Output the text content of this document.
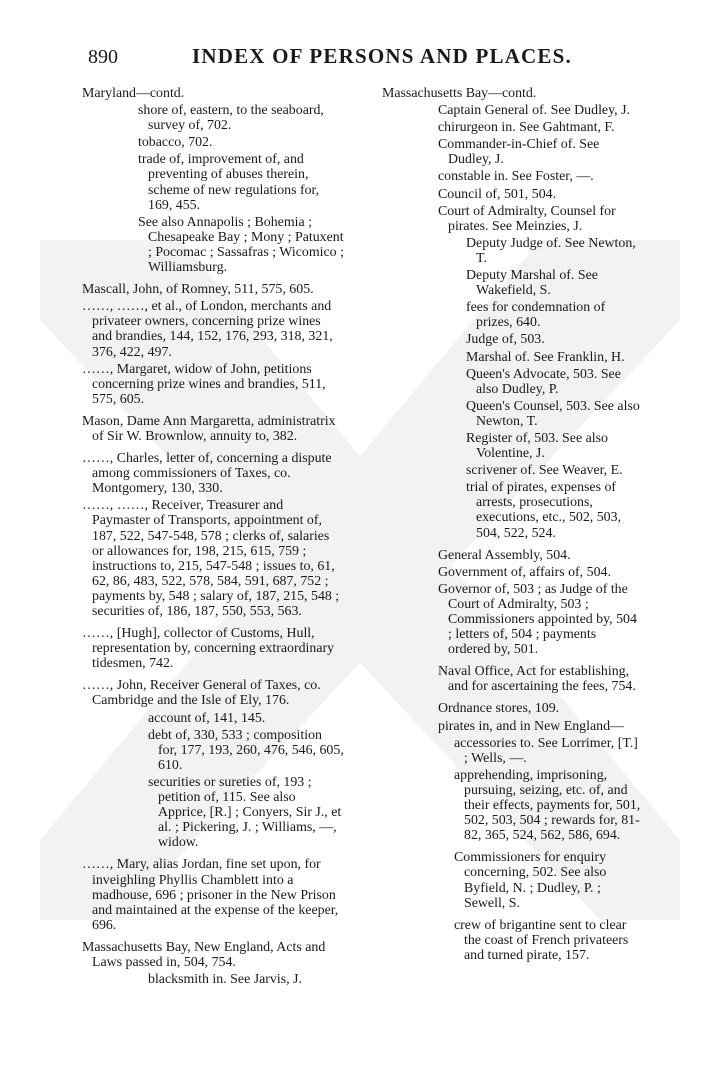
890	INDEX OF PERSONS AND PLACES.
Maryland—contd.
shore of, eastern, to the seaboard, survey of, 702.
tobacco, 702.
trade of, improvement of, and preventing of abuses therein, scheme of new regulations for, 169, 455.
See also Annapolis ; Bohemia ; Chesapeake Bay ; Mony ; Patuxent ; Pocomac ; Sassafras ; Wicomico ; Williamsburg.
Mascall, John, of Romney, 511, 575, 605.
……, ……, et al., of London, merchants and privateer owners, concerning prize wines and brandies, 144, 152, 176, 293, 318, 321, 376, 422, 497.
……, Margaret, widow of John, petitions concerning prize wines and brandies, 511, 575, 605.
Mason, Dame Ann Margaretta, administratrix of Sir W. Brownlow, annuity to, 382.
……, Charles, letter of, concerning a dispute among commissioners of Taxes, co. Montgomery, 130, 330.
……, ……, Receiver, Treasurer and Paymaster of Transports, appointment of, 187, 522, 547-548, 578 ; clerks of, salaries or allowances for, 198, 215, 615, 759 ; instructions to, 215, 547-548 ; issues to, 61, 62, 86, 483, 522, 578, 584, 591, 687, 752 ; payments by, 548 ; salary of, 187, 215, 548 ; securities of, 186, 187, 550, 553, 563.
……, [Hugh], collector of Customs, Hull, representation by, concerning extraordinary tidesmen, 742.
……, John, Receiver General of Taxes, co. Cambridge and the Isle of Ely, 176.
account of, 141, 145.
debt of, 330, 533 ; composition for, 177, 193, 260, 476, 546, 605, 610.
securities or sureties of, 193 ; petition of, 115. See also Apprice, [R.] ; Conyers, Sir J., et al. ; Pickering, J. ; Williams, —, widow.
……, Mary, alias Jordan, fine set upon, for inveighling Phyllis Chamblett into a madhouse, 696 ; prisoner in the New Prison and maintained at the expense of the keeper, 696.
Massachusetts Bay, New England, Acts and Laws passed in, 504, 754.
blacksmith in. See Jarvis, J.
Massachusetts Bay—contd.
Captain General of. See Dudley, J.
chirurgeon in. See Gahtmant, F.
Commander-in-Chief of. See Dudley, J.
constable in. See Foster, —.
Council of, 501, 504.
Court of Admiralty, Counsel for pirates. See Meinzies, J.
Deputy Judge of. See Newton, T.
Deputy Marshal of. See Wakefield, S.
fees for condemnation of prizes, 640.
Judge of, 503.
Marshal of. See Franklin, H.
Queen's Advocate, 503. See also Dudley, P.
Queen's Counsel, 503. See also Newton, T.
Register of, 503. See also Volentine, J.
scrivener of. See Weaver, E.
trial of pirates, expenses of arrests, prosecutions, executions, etc., 502, 503, 504, 522, 524.
General Assembly, 504.
Government of, affairs of, 504.
Governor of, 503 ; as Judge of the Court of Admiralty, 503 ; Commissioners appointed by, 504 ; letters of, 504 ; payments ordered by, 501.
Naval Office, Act for establishing, and for ascertaining the fees, 754.
Ordnance stores, 109.
pirates in, and in New England—
accessories to. See Lorrimer, [T.] ; Wells, —.
apprehending, imprisoning, pursuing, seizing, etc. of, and their effects, payments for, 501, 502, 503, 504 ; rewards for, 81-82, 365, 524, 562, 586, 694.
Commissioners for enquiry concerning, 502. See also Byfield, N. ; Dudley, P. ; Sewell, S.
crew of brigantine sent to clear the coast of French privateers and turned pirate, 157.
